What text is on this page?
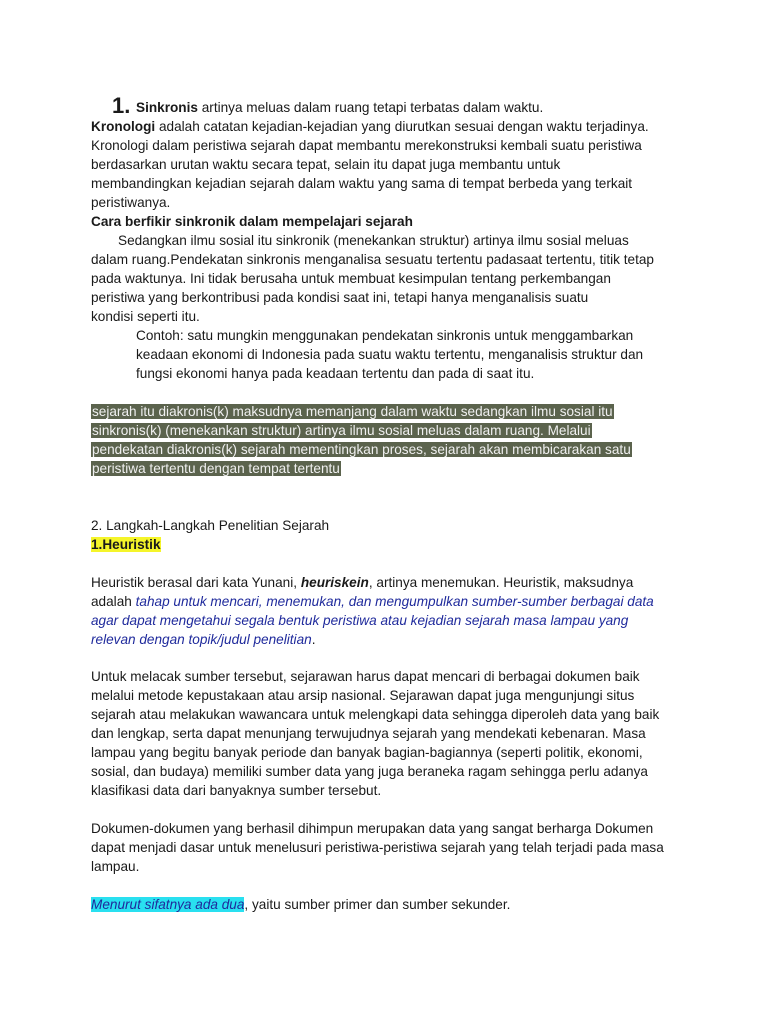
1. Sinkronis artinya meluas dalam ruang tetapi terbatas dalam waktu.
Kronologi adalah catatan kejadian-kejadian yang diurutkan sesuai dengan waktu terjadinya.
Kronologi dalam peristiwa sejarah dapat membantu merekonstruksi kembali suatu peristiwa
berdasarkan urutan waktu secara tepat, selain itu dapat juga membantu untuk
membandingkan kejadian sejarah dalam waktu yang sama di tempat berbeda yang terkait
peristiwanya.
Cara berfikir sinkronik dalam mempelajari sejarah
Sedangkan ilmu sosial itu sinkronik (menekankan struktur) artinya ilmu sosial meluas
dalam ruang.Pendekatan sinkronis menganalisa sesuatu tertentu padasaat tertentu, titik tetap
pada waktunya. Ini tidak berusaha untuk membuat kesimpulan tentang perkembangan
peristiwa yang berkontribusi pada kondisi saat ini, tetapi hanya menganalisis suatu
kondisi seperti itu.
Contoh: satu mungkin menggunakan pendekatan sinkronis untuk menggambarkan
keadaan ekonomi di Indonesia pada suatu waktu tertentu, menganalisis struktur dan
fungsi ekonomi hanya pada keadaan tertentu dan pada di saat itu.
sejarah itu diakronis(k) maksudnya memanjang dalam waktu sedangkan ilmu sosial itu
sinkronis(k) (menekankan struktur) artinya ilmu sosial meluas dalam ruang. Melalui
pendekatan diakronis(k) sejarah mementingkan proses, sejarah akan membicarakan satu
peristiwa tertentu dengan tempat tertentu
2. Langkah-Langkah Penelitian Sejarah
1.Heuristik
Heuristik berasal dari kata Yunani, heuriskein, artinya menemukan. Heuristik, maksudnya
adalah tahap untuk mencari, menemukan, dan mengumpulkan sumber-sumber berbagai data
agar dapat mengetahui segala bentuk peristiwa atau kejadian sejarah masa lampau yang
relevan dengan topik/judul penelitian.
Untuk melacak sumber tersebut, sejarawan harus dapat mencari di berbagai dokumen baik
melalui metode kepustakaan atau arsip nasional. Sejarawan dapat juga mengunjungi situs
sejarah atau melakukan wawancara untuk melengkapi data sehingga diperoleh data yang baik
dan lengkap, serta dapat menunjang terwujudnya sejarah yang mendekati kebenaran. Masa
lampau yang begitu banyak periode dan banyak bagian-bagiannya (seperti politik, ekonomi,
sosial, dan budaya) memiliki sumber data yang juga beraneka ragam sehingga perlu adanya
klasifikasi data dari banyaknya sumber tersebut.
Dokumen-dokumen yang berhasil dihimpun merupakan data yang sangat berharga Dokumen
dapat menjadi dasar untuk menelusuri peristiwa-peristiwa sejarah yang telah terjadi pada masa
lampau.
Menurut sifatnya ada dua, yaitu sumber primer dan sumber sekunder.
